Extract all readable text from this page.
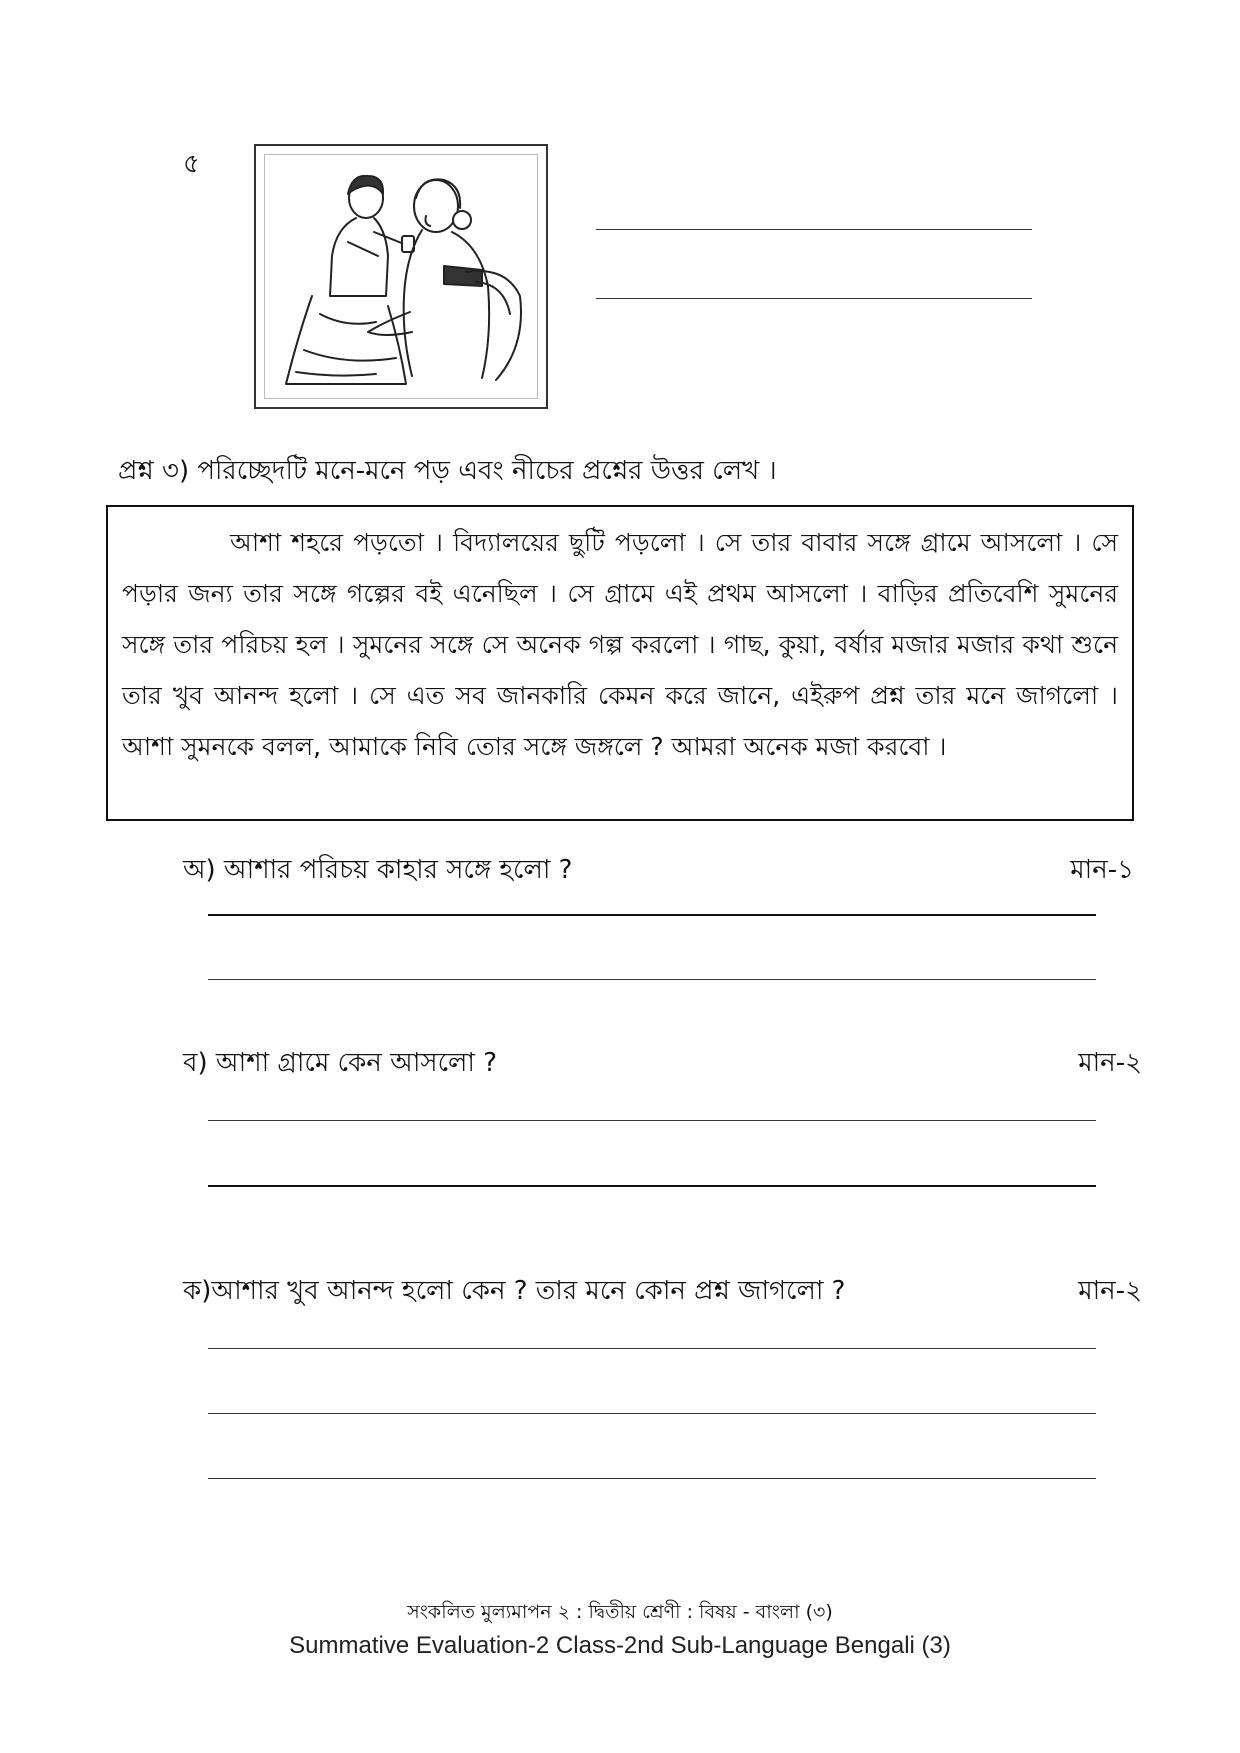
৫
প্রশ্ন ৩) পরিচ্ছেদটি মনে-মনে পড় এবং নীচের প্রশ্নের উত্তর লেখ ।

আশা শহরে পড়তো । বিদ্যালয়ের ছুটি পড়লো । সে তার বাবার সঙ্গে গ্রামে আসলো । সে পড়ার জন্য তার সঙ্গে গল্পের বই এনেছিল । সে গ্রামে এই প্রথম আসলো । বাড়ির প্রতিবেশি সুমনের সঙ্গে তার পরিচয় হল । সুমনের সঙ্গে সে অনেক গল্প করলো । গাছ, কুয়া, বর্ষার মজার মজার কথা শুনে তার খুব আনন্দ হলো । সে এত সব জানকারি কেমন করে জানে, এইরুপ প্রশ্ন তার মনে জাগলো । আশা সুমনকে বলল, আমাকে নিবি তোর সঙ্গে জঙ্গলে ? আমরা অনেক মজা করবো ।

অ) আশার পরিচয় কাহার সঙ্গে হলো ?	মান-১
ব) আশা গ্রামে কেন আসলো ?	মান-২
ক)আশার খুব আনন্দ হলো কেন ? তার মনে কোন প্রশ্ন জাগলো ?	মান-২
সংকলিত মুল্যমাপন ২ : দ্বিতীয় শ্রেণী : বিষয় - বাংলা (৩)
Summative Evaluation-2 Class-2nd Sub-Language Bengali (3)
